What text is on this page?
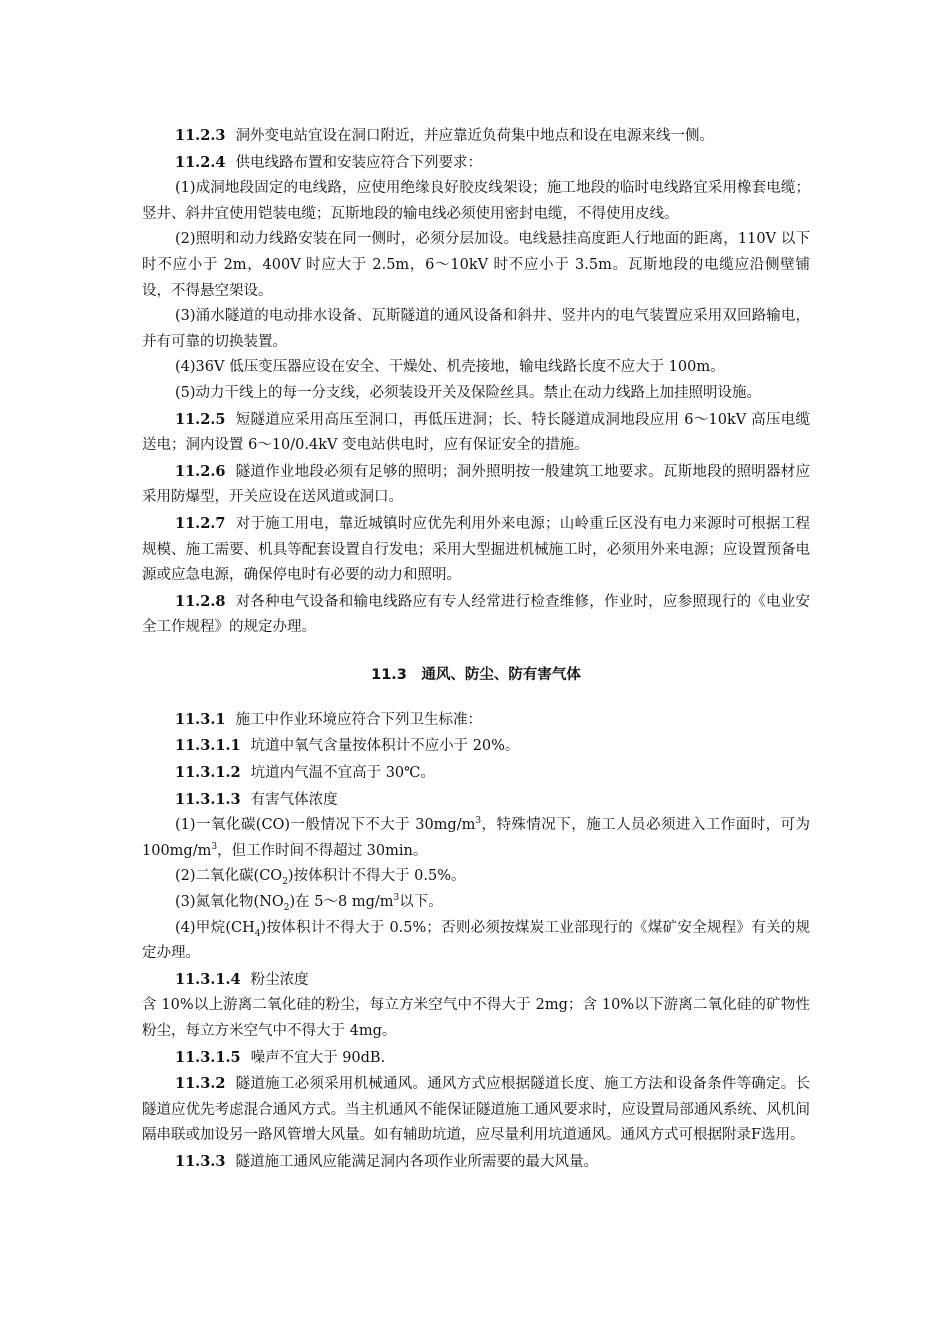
11.2.3 洞外变电站宜设在洞口附近，并应靠近负荷集中地点和设在电源来线一侧。

11.2.4 供电线路布置和安装应符合下列要求：

(1)成洞地段固定的电线路，应使用绝缘良好胶皮线架设；施工地段的临时电线路宜采用橡套电缆；竖井、斜井宜使用铠装电缆；瓦斯地段的输电线必须使用密封电缆，不得使用皮线。

(2)照明和动力线路安装在同一侧时，必须分层加设。电线悬挂高度距人行地面的距离，110V 以下时不应小于 2m，400V 时应大于 2.5m，6～10kV 时不应小于 3.5m。瓦斯地段的电缆应沿侧壁铺设，不得悬空架设。

(3)涌水隧道的电动排水设备、瓦斯隧道的通风设备和斜井、竖井内的电气装置应采用双回路输电，并有可靠的切换装置。

(4)36V 低压变压器应设在安全、干燥处、机壳接地，输电线路长度不应大于 100m。

(5)动力干线上的每一分支线，必须装设开关及保险丝具。禁止在动力线路上加挂照明设施。

11.2.5 短隧道应采用高压至洞口，再低压进洞；长、特长隧道成洞地段应用 6～10kV 高压电缆送电；洞内设置 6～10/0.4kV 变电站供电时，应有保证安全的措施。

11.2.6 隧道作业地段必须有足够的照明；洞外照明按一般建筑工地要求。瓦斯地段的照明器材应采用防爆型，开关应设在送风道或洞口。

11.2.7 对于施工用电，靠近城镇时应优先利用外来电源；山岭重丘区没有电力来源时可根据工程规模、施工需要、机具等配套设置自行发电；采用大型掘进机械施工时，必须用外来电源；应设置预备电源或应急电源，确保停电时有必要的动力和照明。

11.2.8 对各种电气设备和输电线路应有专人经常进行检查维修，作业时，应参照现行的《电业安全工作规程》的规定办理。

11.3　通风、防尘、防有害气体

11.3.1 施工中作业环境应符合下列卫生标准：

11.3.1.1 坑道中氧气含量按体积计不应小于 20%。

11.3.1.2 坑道内气温不宜高于 30℃。

11.3.1.3 有害气体浓度

(1)一氧化碳(CO)一般情况下不大于 $30mg/m^3$，特殊情况下，施工人员必须进入工作面时，可为 $100mg/m^3$，但工作时间不得超过 30min。

(2)二氧化碳$(CO_2)$按体积计不得大于 0.5%。

(3)氮氧化物$(NO_2)$在 5～8 $mg/m^3$以下。

(4)甲烷$(CH_4)$按体积计不得大于 0.5%；否则必须按煤炭工业部现行的《煤矿安全规程》有关的规定办理。

11.3.1.4 粉尘浓度

含 10%以上游离二氧化硅的粉尘，每立方米空气中不得大于 2mg；含 10%以下游离二氧化硅的矿物性粉尘，每立方米空气中不得大于 4mg。

11.3.1.5 噪声不宜大于 90dB.

11.3.2 隧道施工必须采用机械通风。通风方式应根据隧道长度、施工方法和设备条件等确定。长隧道应优先考虑混合通风方式。当主机通风不能保证隧道施工通风要求时，应设置局部通风系统、风机间隔串联或加设另一路风管增大风量。如有辅助坑道，应尽量利用坑道通风。通风方式可根据附录F选用。

11.3.3 隧道施工通风应能满足洞内各项作业所需要的最大风量。
